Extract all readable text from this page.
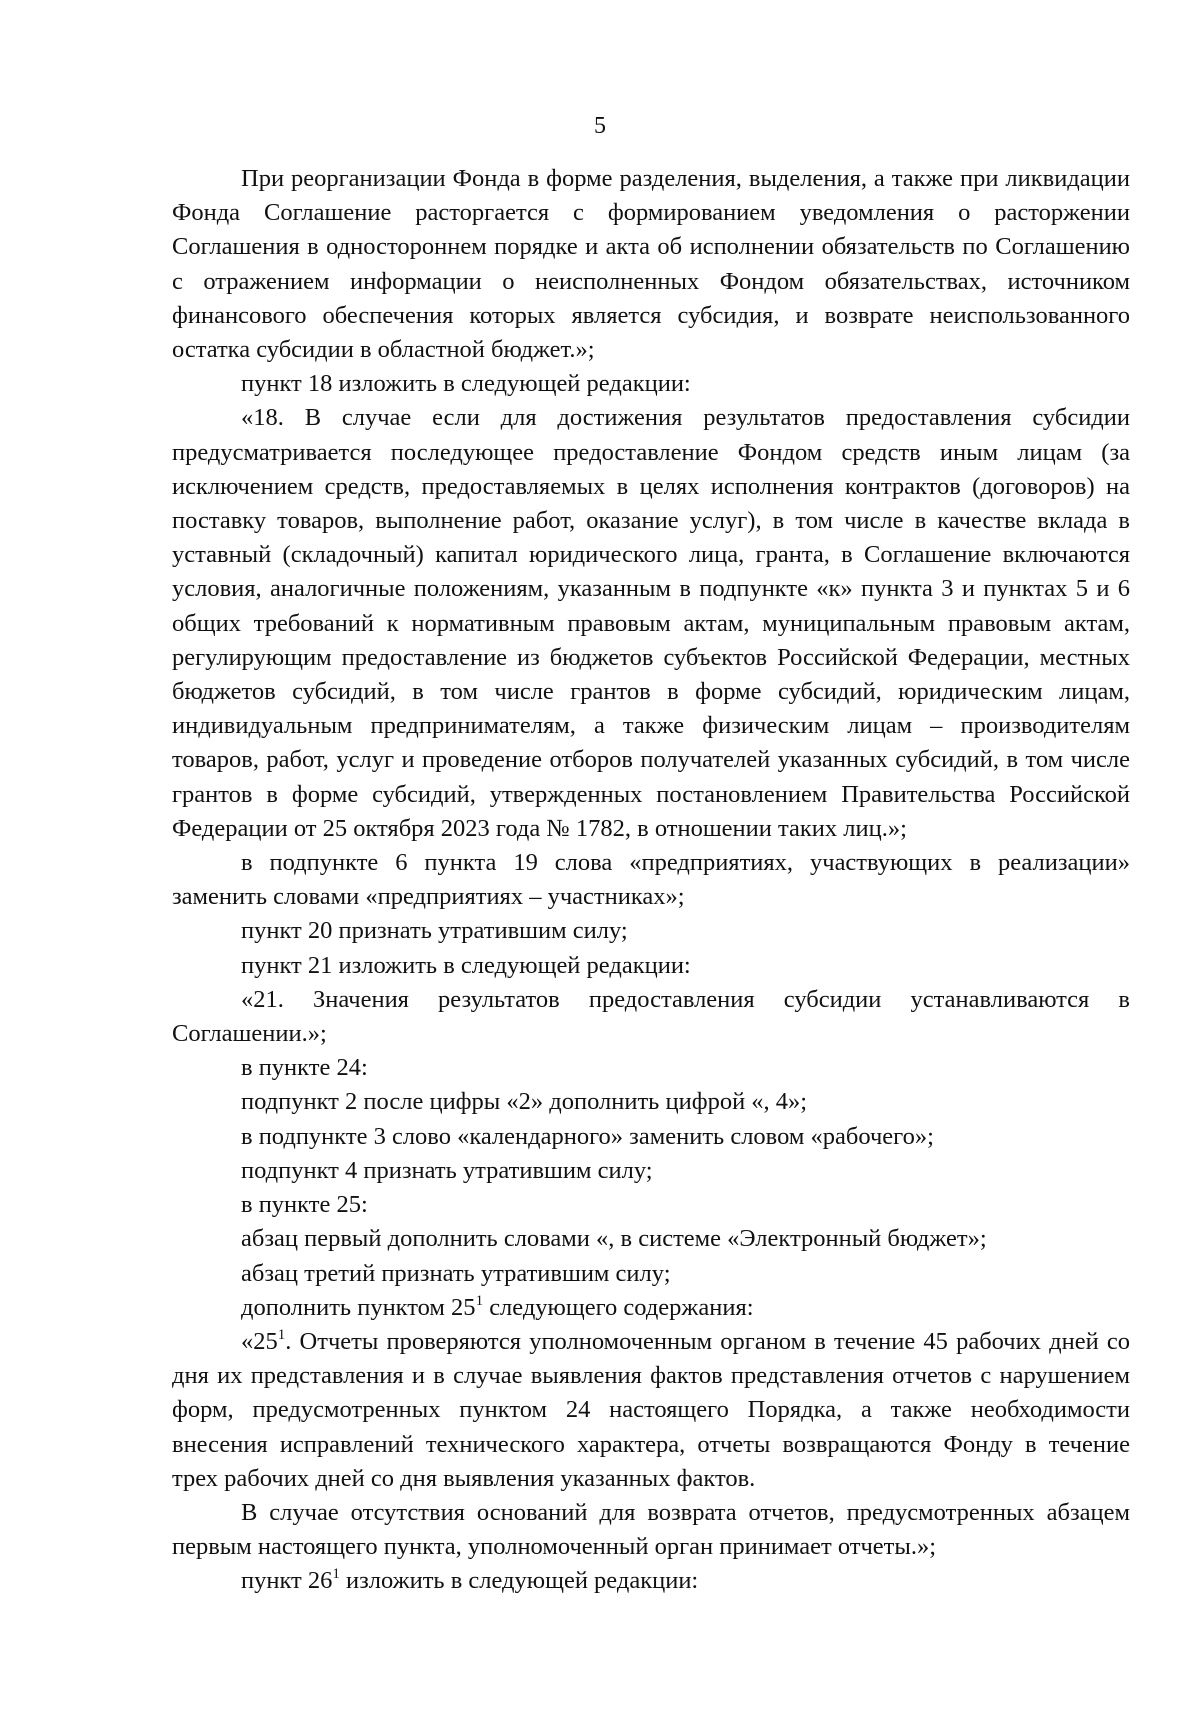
5

При реорганизации Фонда в форме разделения, выделения, а также при ликвидации Фонда Соглашение расторгается с формированием уведомления о расторжении Соглашения в одностороннем порядке и акта об исполнении обязательств по Соглашению с отражением информации о неисполненных Фондом обязательствах, источником финансового обеспечения которых является субсидия, и возврате неиспользованного остатка субсидии в областной бюджет.»;

пункт 18 изложить в следующей редакции:

«18. В случае если для достижения результатов предоставления субсидии предусматривается последующее предоставление Фондом средств иным лицам (за исключением средств, предоставляемых в целях исполнения контрактов (договоров) на поставку товаров, выполнение работ, оказание услуг), в том числе в качестве вклада в уставный (складочный) капитал юридического лица, гранта, в Соглашение включаются условия, аналогичные положениям, указанным в подпункте «к» пункта 3 и пунктах 5 и 6 общих требований к нормативным правовым актам, муниципальным правовым актам, регулирующим предоставление из бюджетов субъектов Российской Федерации, местных бюджетов субсидий, в том числе грантов в форме субсидий, юридическим лицам, индивидуальным предпринимателям, а также физическим лицам – производителям товаров, работ, услуг и проведение отборов получателей указанных субсидий, в том числе грантов в форме субсидий, утвержденных постановлением Правительства Российской Федерации от 25 октября 2023 года № 1782, в отношении таких лиц.»;

в подпункте 6 пункта 19 слова «предприятиях, участвующих в реализации» заменить словами «предприятиях – участниках»;

пункт 20 признать утратившим силу;

пункт 21 изложить в следующей редакции:

«21. Значения результатов предоставления субсидии устанавливаются в Соглашении.»;

в пункте 24:

подпункт 2 после цифры «2» дополнить цифрой «, 4»;

в подпункте 3 слово «календарного» заменить словом «рабочего»;

подпункт 4 признать утратившим силу;

в пункте 25:

абзац первый дополнить словами «, в системе «Электронный бюджет»;

абзац третий признать утратившим силу;

дополнить пунктом $25^1$ следующего содержания:

«$25^1$. Отчеты проверяются уполномоченным органом в течение 45 рабочих дней со дня их представления и в случае выявления фактов представления отчетов с нарушением форм, предусмотренных пунктом 24 настоящего Порядка, а также необходимости внесения исправлений технического характера, отчеты возвращаются Фонду в течение трех рабочих дней со дня выявления указанных фактов.

В случае отсутствия оснований для возврата отчетов, предусмотренных абзацем первым настоящего пункта, уполномоченный орган принимает отчеты.»;

пункт $26^1$ изложить в следующей редакции:
